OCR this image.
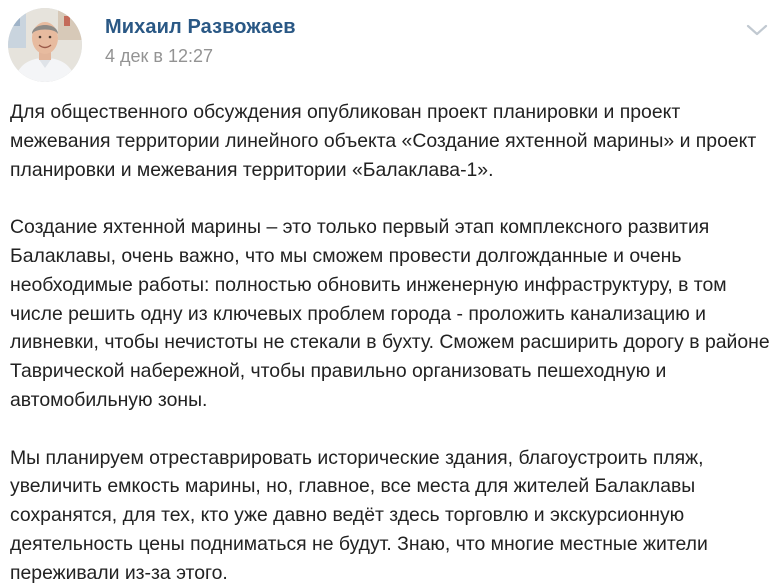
Михаил Развожаев
4 дек в 12:27

Для общественного обсуждения опубликован проект планировки и проект межевания территории линейного объекта «Создание яхтенной марины» и проект планировки и межевания территории «Балаклава-1».

Создание яхтенной марины – это только первый этап комплексного развития Балаклавы, очень важно, что мы сможем провести долгожданные и очень необходимые работы: полностью обновить инженерную инфраструктуру, в том числе решить одну из ключевых проблем города - проложить канализацию и ливневки, чтобы нечистоты не стекали в бухту. Сможем расширить дорогу в районе Таврической набережной, чтобы правильно организовать пешеходную и автомобильную зоны.

Мы планируем отреставрировать исторические здания, благоустроить пляж, увеличить емкость марины, но, главное, все места для жителей Балаклавы сохранятся, для тех, кто уже давно ведёт здесь торговлю и экскурсионную деятельность цены подниматься не будут. Знаю, что многие местные жители переживали из-за этого.
